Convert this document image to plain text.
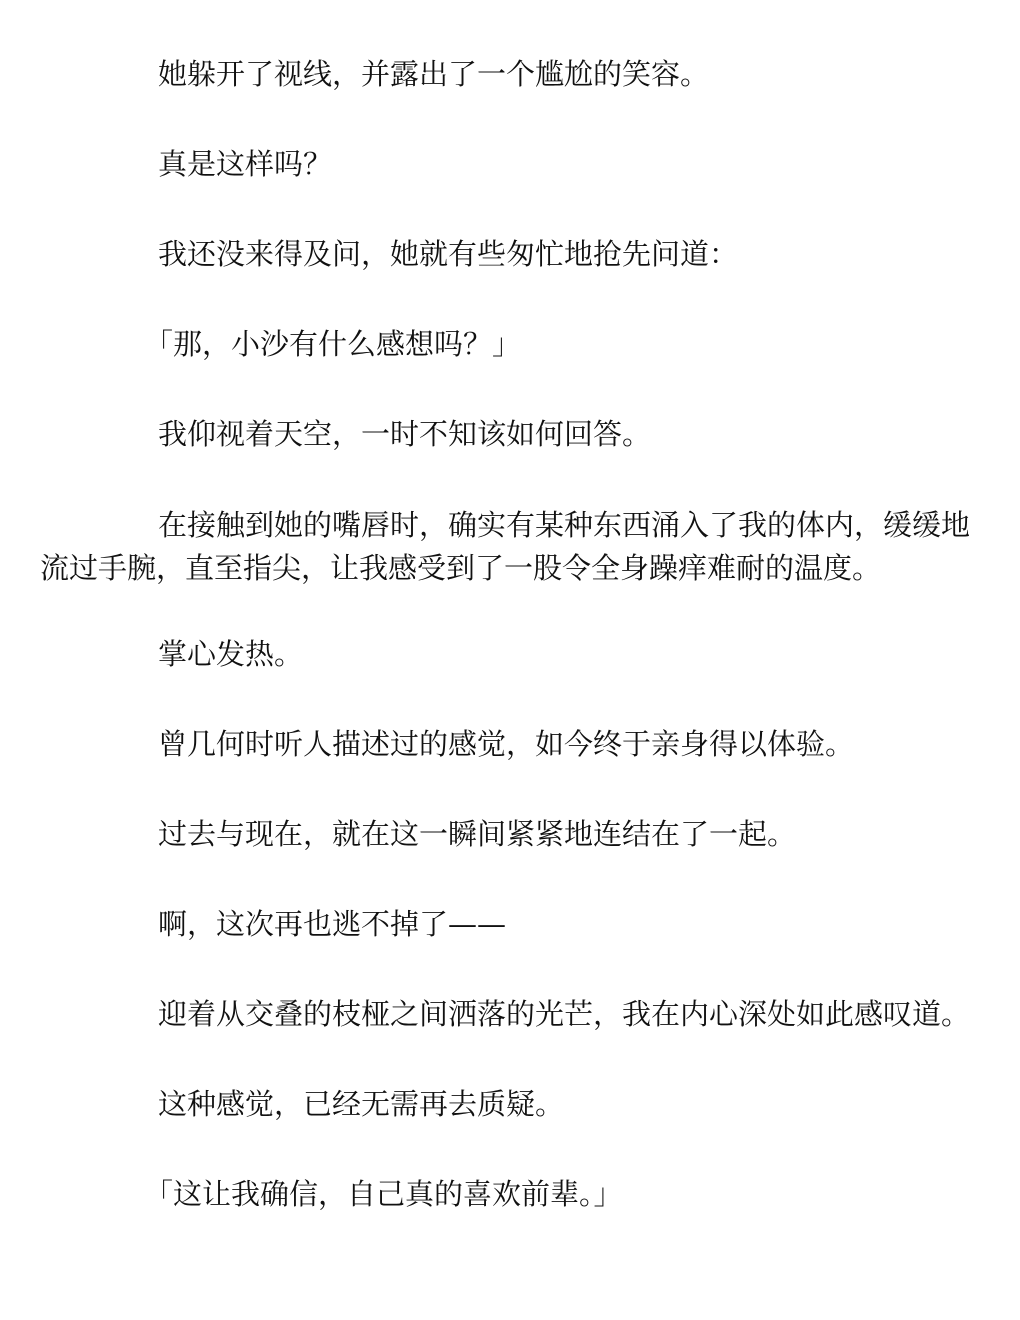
她躲开了视线，并露出了一个尴尬的笑容。

真是这样吗？

我还没来得及问，她就有些匆忙地抢先问道：

「那，小沙有什么感想吗？」

我仰视着天空，一时不知该如何回答。

在接触到她的嘴唇时，确实有某种东西涌入了我的体内，缓缓地流过手腕，直至指尖，让我感受到了一股令全身躁痒难耐的温度。

掌心发热。

曾几何时听人描述过的感觉，如今终于亲身得以体验。

过去与现在，就在这一瞬间紧紧地连结在了一起。

啊，这次再也逃不掉了——

迎着从交叠的枝桠之间洒落的光芒，我在内心深处如此感叹道。

这种感觉，已经无需再去质疑。

「这让我确信，自己真的喜欢前辈。」
